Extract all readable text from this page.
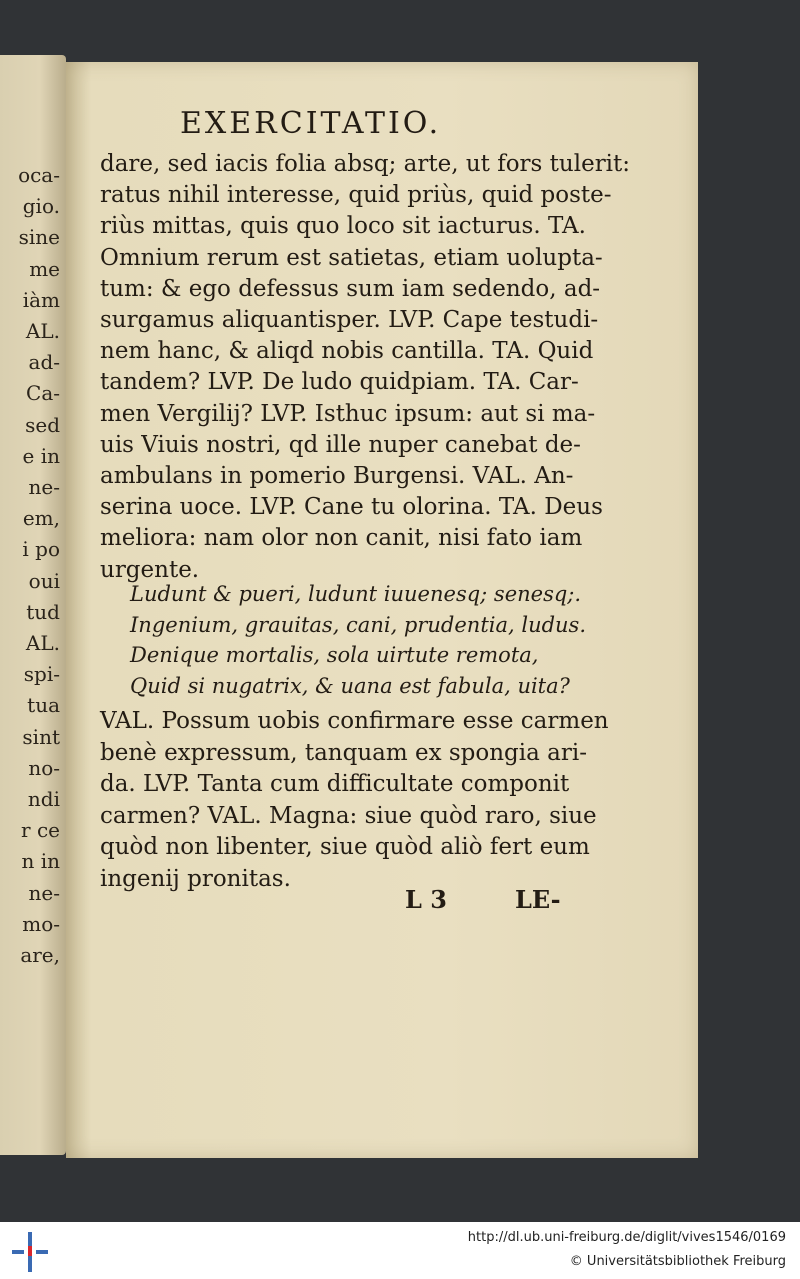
oca-
gio.
sine
me
iàm
AL.
ad-
Ca-
sed
e in
ne-
em,
i po
oui
tud
AL.
spi-
tua
sint
no-
ndi
r ce
n in
ne-
mo-
are,
EXERCITATIO.
dare, sed iacis folia absq; arte, ut fors tulerit:
ratus nihil interesse, quid priùs, quid poste-
riùs mittas, quis quo loco sit iacturus. TA.
Omnium rerum est satietas, etiam uolupta-
tum: & ego defessus sum iam sedendo, ad-
surgamus aliquantisper. LVP. Cape testudi-
nem hanc, & aliqd nobis cantilla. TA. Quid
tandem? LVP. De ludo quidpiam. TA. Car-
men Vergilij? LVP. Isthuc ipsum: aut si ma-
uis Viuis nostri, qd ille nuper canebat de-
ambulans in pomerio Burgensi. VAL. An-
serina uoce. LVP. Cane tu olorina. TA. Deus
meliora: nam olor non canit, nisi fato iam
urgente.
Ludunt & pueri, ludunt iuuenesq; senesq;.
Ingenium, grauitas, cani, prudentia, ludus.
Denique mortalis, sola uirtute remota,
Quid si nugatrix, & uana est fabula, uita?
VAL. Possum uobis confirmare esse carmen
benè expressum, tanquam ex spongia ari-
da. LVP. Tanta cum difficultate componit
carmen? VAL. Magna: siue quòd raro, siue
quòd non libenter, siue quòd aliò fert eum
ingenij pronitas.
L 3	LE-
http://dl.ub.uni-freiburg.de/diglit/vives1546/0169
© Universitätsbibliothek Freiburg
